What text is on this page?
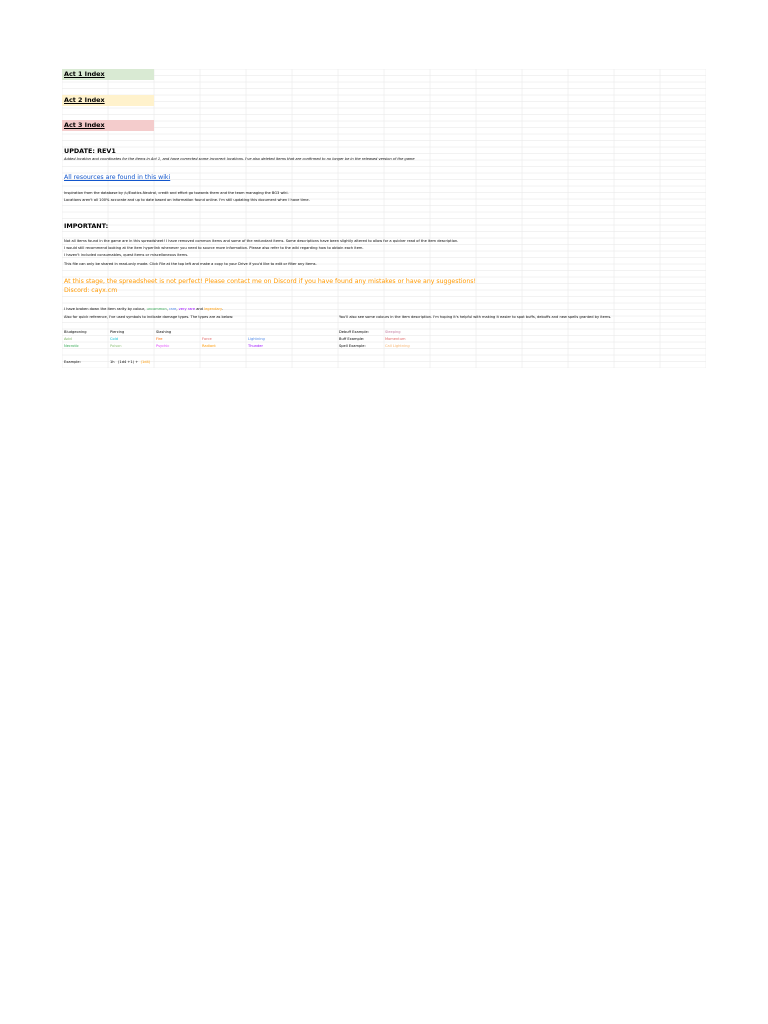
Act 1 Index
Act 2 Index
Act 3 Index
UPDATE: REV1
Added location and coordinates for the items in Act 1, and have corrected some incorrect locations. I've also deleted items that are confirmed to no longer be in the released version of the game
All resources are found in this wiki
Inspiration from the database by /u/Exotics-Neutral, credit and effort go towards them and the team managing the BG3 wiki.
Locations aren't all 100% accurate and up to date based on information found online. I'm still updating this document when I have time.
IMPORTANT:
Not all items found in the game are in this spreadsheet! I have removed common items and some of the redundant items. Some descriptions have been slightly altered to allow for a quicker read of the item description.
I would still recommend looking at the item hyperlink whenever you need to source more information. Please also refer to the wiki regarding how to obtain each item.
I haven't included consumables, quest items or miscellaneous items.
This file can only be shared in read-only mode. Click File at the top left and make a copy to your Drive if you'd like to edit or filter any items.
At this stage, the spreadsheet is not perfect! Please contact me on Discord if you have found any mistakes or have any suggestions!
Discord: cayx.cm
I have broken down the item rarity by colour, uncommon, rare, very rare and legendary.
Also for quick reference, I've used symbols to indicate damage types. The types are as below:	You'll also see some colours in the item description. I'm hoping it's helpful with making it easier to spot buffs, debuffs and new spells granted by items.
Bludgeoning	Piercing	Slashing
Acid	Cold	Fire	Force	Lightning
Necrotic	Poison	Psychic	Radiant	Thunder
Debuff Example:	Sleeping
Buff Example:	Momentum
Spell Example:	Call Lightning
Example:	1h (1d4 +1) + (1d4)
